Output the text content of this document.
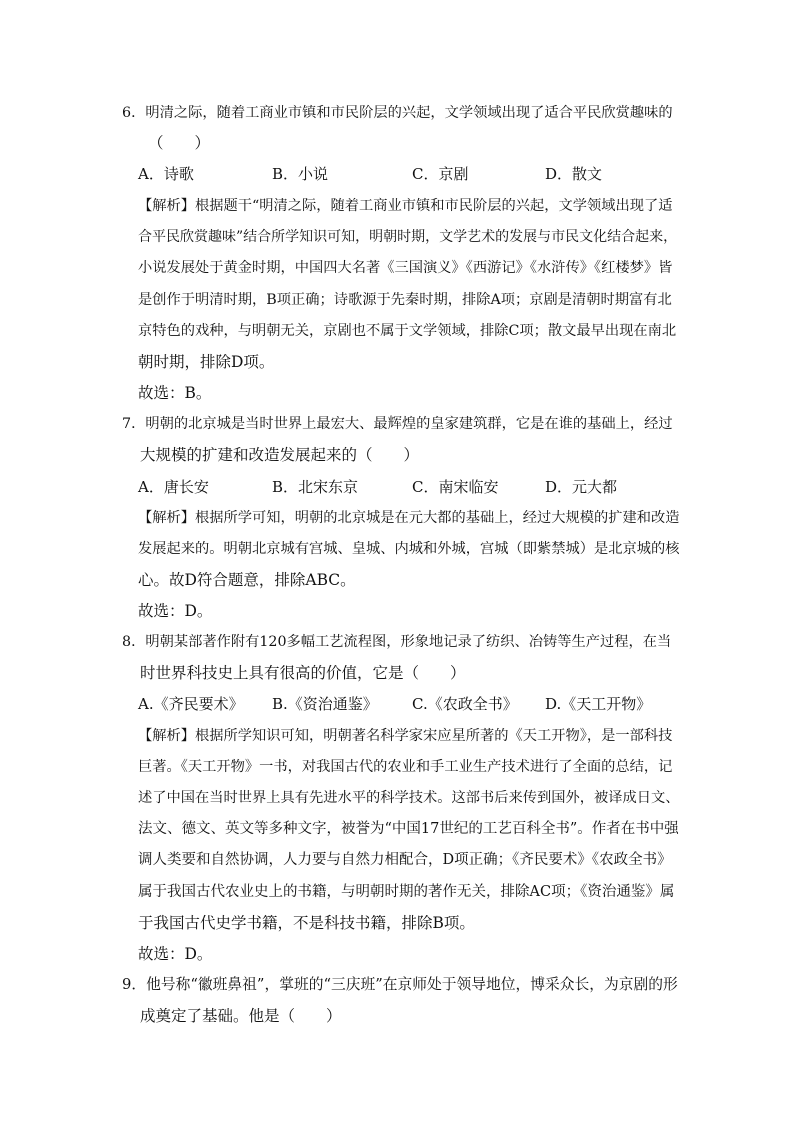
6．明清之际，随着工商业市镇和市民阶层的兴起，文学领域出现了适合平民欣赏趣味的
（　　）
A．诗歌	B．小说	C．京剧	D．散文
【解析】根据题干“明清之际，随着工商业市镇和市民阶层的兴起，文学领域出现了适
合平民欣赏趣味”结合所学知识可知，明朝时期，文学艺术的发展与市民文化结合起来，
小说发展处于黄金时期，中国四大名著《三国演义》《西游记》《水浒传》《红楼梦》皆
是创作于明清时期，B项正确；诗歌源于先秦时期，排除A项；京剧是清朝时期富有北
京特色的戏种，与明朝无关，京剧也不属于文学领域，排除C项；散文最早出现在南北
朝时期，排除D项。
故选：B。
7．明朝的北京城是当时世界上最宏大、最辉煌的皇家建筑群，它是在谁的基础上，经过
大规模的扩建和改造发展起来的（　　）
A．唐长安	B．北宋东京	C．南宋临安	D．元大都
【解析】根据所学可知，明朝的北京城是在元大都的基础上，经过大规模的扩建和改造
发展起来的。明朝北京城有宫城、皇城、内城和外城，宫城（即紫禁城）是北京城的核
心。故D符合题意，排除ABC。
故选：D。
8．明朝某部著作附有120多幅工艺流程图，形象地记录了纺织、冶铸等生产过程，在当
时世界科技史上具有很高的价值，它是（　　）
A.《齐民要术》 B.《资治通鉴》 C.《农政全书》 D.《天工开物》
【解析】根据所学知识可知，明朝著名科学家宋应星所著的《天工开物》，是一部科技
巨著。《天工开物》一书，对我国古代的农业和手工业生产技术进行了全面的总结，记
述了中国在当时世界上具有先进水平的科学技术。这部书后来传到国外，被译成日文、
法文、德文、英文等多种文字，被誉为“中国17世纪的工艺百科全书”。作者在书中强
调人类要和自然协调，人力要与自然力相配合，D项正确；《齐民要术》《农政全书》
属于我国古代农业史上的书籍，与明朝时期的著作无关，排除AC项；《资治通鉴》属
于我国古代史学书籍，不是科技书籍，排除B项。
故选：D。
9．他号称“徽班鼻祖”，掌班的“三庆班”在京师处于领导地位，博采众长，为京剧的形
成奠定了基础。他是（　　）
